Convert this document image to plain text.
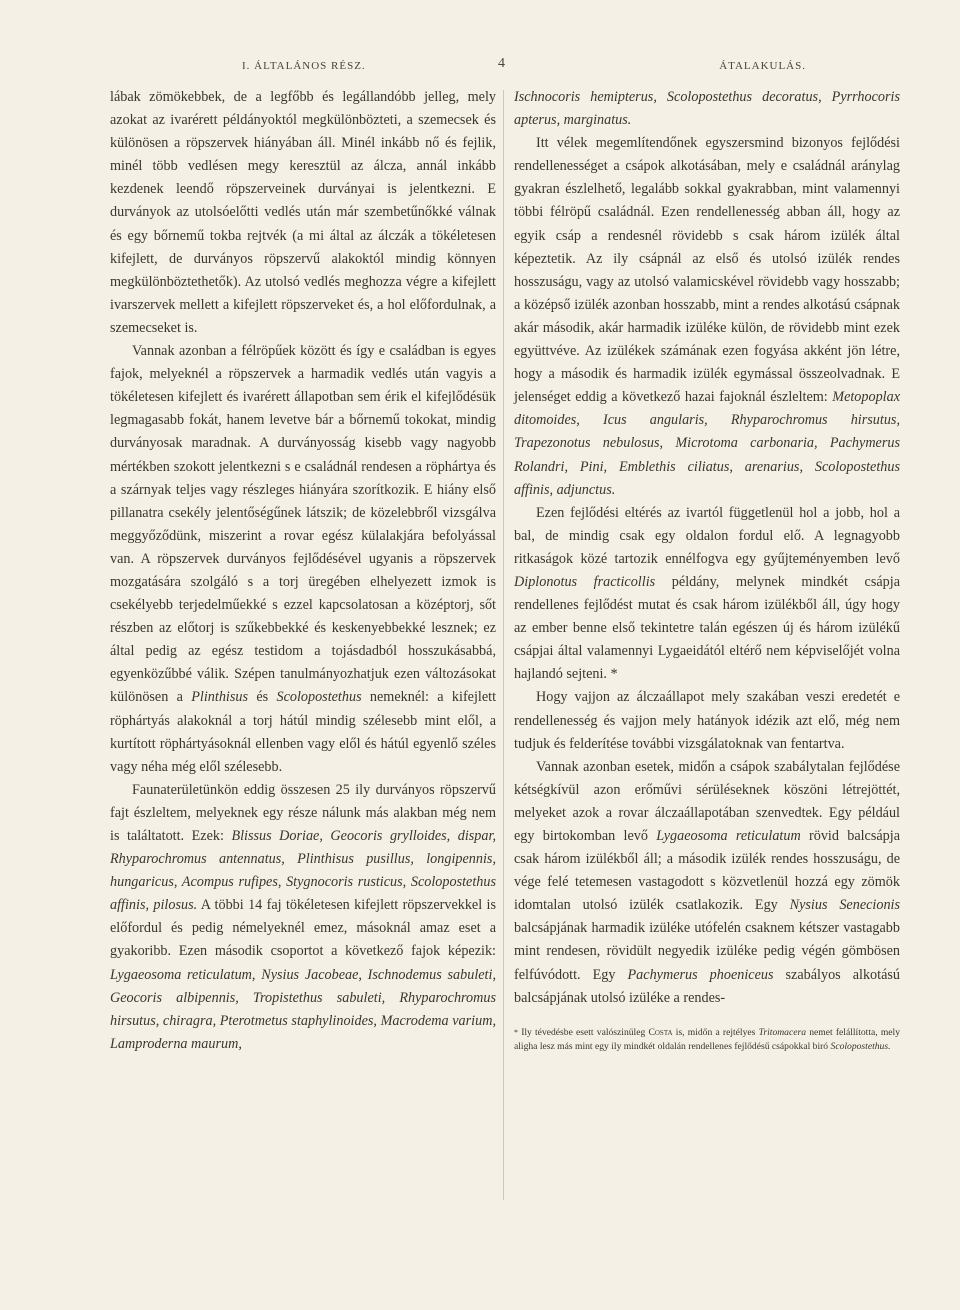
I. ÁLTALÁNOS RÉSZ.	4	ÁTALAKULÁS.

lábak zömökebbek, de a legfőbb és legállandóbb jelleg, mely azokat az ivarérett példányoktól megkülönbözteti, a szemecsek és különösen a röpszervek hiányában áll. Minél inkább nő és fejlik, minél több vedlésen megy keresztül az álcza, annál inkább kezdenek leendő röpszerveinek durványai is jelentkezni. E durványok az utolsóelőtti vedlés után már szembetűnőkké válnak és egy bőrnemű tokba rejtvék (a mi által az álczák a tökéletesen kifejlett, de durványos röpszervű alakoktól mindig könnyen megkülönböztethetők). Az utolsó vedlés meghozza végre a kifejlett ivarszervek mellett a kifejlett röpszerveket és, a hol előfordulnak, a szemecseket is.

Vannak azonban a félröpűek között és így e családban is egyes fajok, melyeknél a röpszervek a harmadik vedlés után vagyis a tökéletesen kifejlett és ivarérett állapotban sem érik el kifejlődésük legmagasabb fokát, hanem levetve bár a bőrnemű tokokat, mindig durványosak maradnak. A durványosság kisebb vagy nagyobb mértékben szokott jelentkezni s e családnál rendesen a röphártya és a szárnyak teljes vagy részleges hiányára szorítkozik. E hiány első pillanatra csekély jelentőségűnek látszik; de közelebbről vizsgálva meggyőződünk, miszerint a rovar egész külalakjára befolyással van. A röpszervek durványos fejlődésével ugyanis a röpszervek mozgatására szolgáló s a torj üregében elhelyezett izmok is csekélyebb terjedelműekké s ezzel kapcsolatosan a középtorj, sőt részben az előtorj is szűkebbekké és keskenyebbekké lesznek; ez által pedig az egész testidom a tojásdadból hosszukásabbá, egyenközűbbé válik. Szépen tanulmányozhatjuk ezen változásokat különösen a Plinthisus és Scolopostethus nemeknél: a kifejlett röphártyás alakoknál a torj hátúl mindig szélesebb mint elől, a kurtított röphártyásoknál ellenben vagy elől és hátúl egyenlő széles vagy néha még elől szélesebb.

Faunaterületünkön eddig összesen 25 ily durványos röpszervű fajt észleltem, melyeknek egy része nálunk más alakban még nem is találtatott. Ezek: Blissus Doriae, Geocoris grylloides, dispar, Rhyparochromus antennatus, Plinthisus pusillus, longipennis, hungaricus, Acompus rufipes, Stygnocoris rusticus, Scolopostethus affinis, pilosus. A többi 14 faj tökéletesen kifejlett röpszervekkel is előfordul és pedig némelyeknél emez, másoknál amaz eset a gyakoribb. Ezen második csoportot a következő fajok képezik: Lygaeosoma reticulatum, Nysius Jacobeae, Ischnodemus sabuleti, Geocoris albipennis, Tropistethus sabuleti, Rhyparochromus hirsutus, chiragra, Pterotmetus staphylinoides, Macrodema varium, Lamproderna maurum,

Ischnocoris hemipterus, Scolopostethus decoratus, Pyrrhocoris apterus, marginatus.

Itt vélek megemlítendőnek egyszersmind bizonyos fejlődési rendellenességet a csápok alkotásában, mely e családnál aránylag gyakran észlelhető, legalább sokkal gyakrabban, mint valamennyi többi félröpű családnál. Ezen rendellenesség abban áll, hogy az egyik csáp a rendesnél rövidebb s csak három izülék által képeztetik. Az ily csápnál az első és utolsó izülék rendes hosszuságu, vagy az utolsó valamicskével rövidebb vagy hosszabb; a középső izülék azonban hosszabb, mint a rendes alkotású csápnak akár második, akár harmadik izüléke külön, de rövidebb mint ezek együttvéve. Az izülékek számának ezen fogyása akként jön létre, hogy a második és harmadik izülék egymással összeolvadnak. E jelenséget eddig a következő hazai fajoknál észleltem: Metopoplax ditomoides, Icus angularis, Rhyparochromus hirsutus, Trapezonotus nebulosus, Microtoma carbonaria, Pachymerus Rolandri, Pini, Emblethis ciliatus, arenarius, Scolopostethus affinis, adjunctus.

Ezen fejlődési eltérés az ivartól függetlenül hol a jobb, hol a bal, de mindig csak egy oldalon fordul elő. A legnagyobb ritkaságok közé tartozik ennélfogva egy gyűjteményemben levő Diplonotus fracticollis példány, melynek mindkét csápja rendellenes fejlődést mutat és csak három izülékből áll, úgy hogy az ember benne első tekintetre talán egészen új és három izülékű csápjai által valamennyi Lygaeidától eltérő nem képviselőjét volna hajlandó sejteni. *

Hogy vajjon az álczaállapot mely szakában veszi eredetét e rendellenesség és vajjon mely hatányok idézik azt elő, még nem tudjuk és felderítése további vizsgálatoknak van fentartva.

Vannak azonban esetek, midőn a csápok szabálytalan fejlődése kétségkívül azon erőművi sérüléseknek köszöni létrejöttét, melyeket azok a rovar álczaállapotában szenvedtek. Egy például egy birtokomban levő Lygaeosoma reticulatum rövid balcsápja csak három izülékből áll; a második izülék rendes hosszuságu, de vége felé tetemesen vastagodott s közvetlenül hozzá egy zömök idomtalan utolsó izülék csatlakozik. Egy Nysius Senecionis balcsápjának harmadik izüléke utófelén csaknem kétszer vastagabb mint rendesen, rövidült negyedik izüléke pedig végén gömbösen felfúvódott. Egy Pachymerus phoeniceus szabályos alkotású balcsápjának utolsó izüléke a rendes-

* Ily tévedésbe esett valószinüleg Costa is, midőn a rejtélyes Tritomacera nemet felállította, mely aligha lesz más mint egy ily mindkét oldalán rendellenes fejlődésű csápokkal biró Scolopostethus.
